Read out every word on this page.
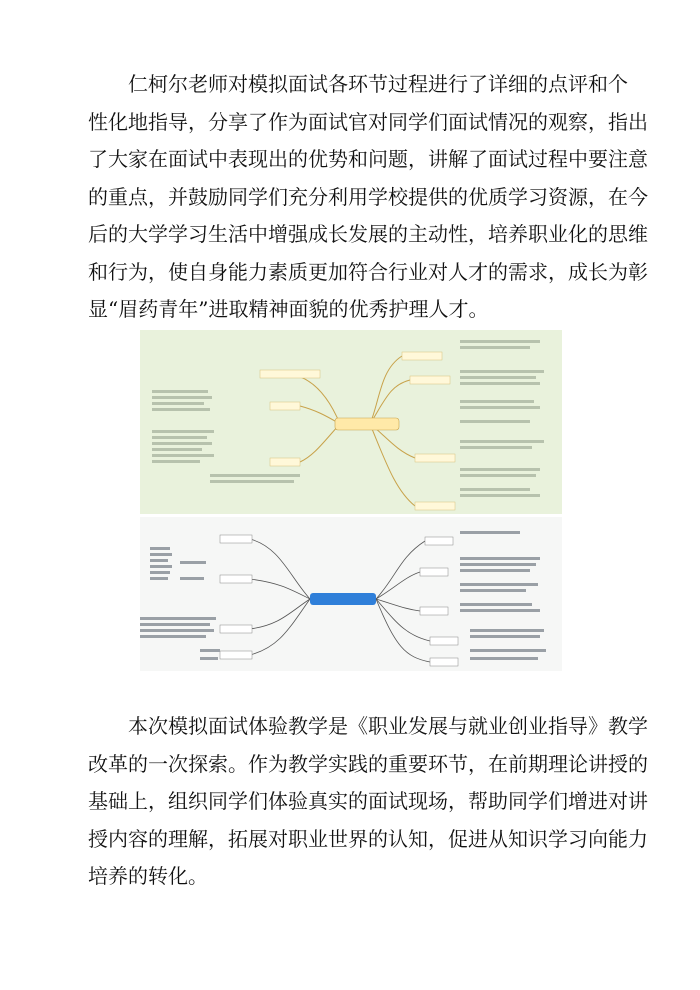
仁柯尔老师对模拟面试各环节过程进行了详细的点评和个
性化地指导，分享了作为面试官对同学们面试情况的观察，指出
了大家在面试中表现出的优势和问题，讲解了面试过程中要注意
的重点，并鼓励同学们充分利用学校提供的优质学习资源，在今
后的大学学习生活中增强成长发展的主动性，培养职业化的思维
和行为，使自身能力素质更加符合行业对人才的需求，成长为彰
显“眉药青年”进取精神面貌的优秀护理人才。
本次模拟面试体验教学是《职业发展与就业创业指导》教学
改革的一次探索。作为教学实践的重要环节，在前期理论讲授的
基础上，组织同学们体验真实的面试现场，帮助同学们增进对讲
授内容的理解，拓展对职业世界的认知，促进从知识学习向能力
培养的转化。
